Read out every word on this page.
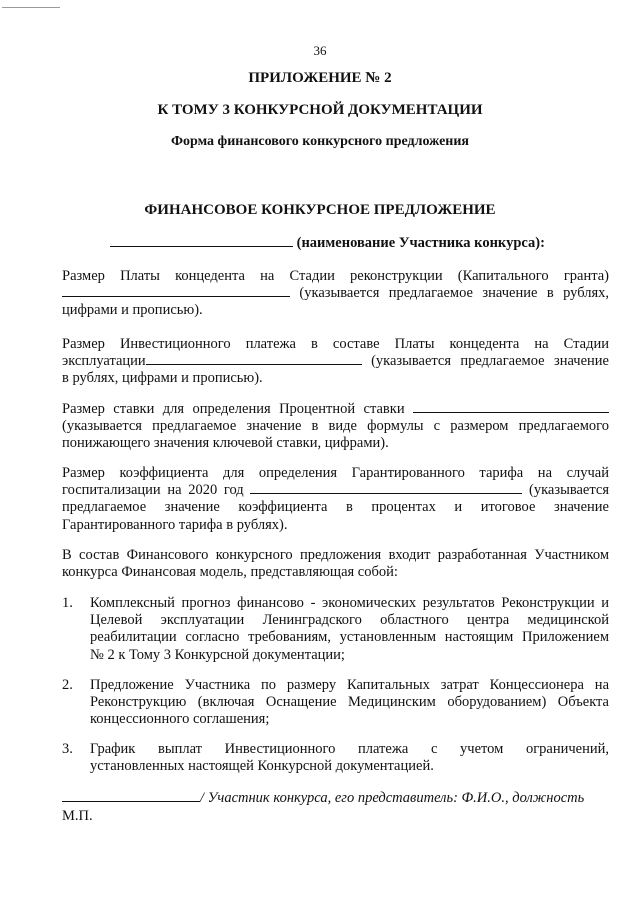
36
ПРИЛОЖЕНИЕ № 2
К ТОМУ 3 КОНКУРСНОЙ ДОКУМЕНТАЦИИ
Форма финансового конкурсного предложения
ФИНАНСОВОЕ КОНКУРСНОЕ ПРЕДЛОЖЕНИЕ
(наименование Участника конкурса):
Размер Платы концедента на Стадии реконструкции (Капитального гранта)
(указывается предлагаемое значение в рублях,
цифрами и прописью).
Размер Инвестиционного платежа в составе Платы концедента на Стадии
эксплуатации	(указывается предлагаемое значение
в рублях, цифрами и прописью).
Размер ставки для определения Процентной ставки
(указывается предлагаемое значение в виде формулы с размером предлагаемого
понижающего значения ключевой ставки, цифрами).
Размер коэффициента для определения Гарантированного тарифа на случай
госпитализации на 2020 год	(указывается
предлагаемое значение коэффициента в процентах и итоговое значение
Гарантированного тарифа в рублях).
В состав Финансового конкурсного предложения входит разработанная Участником
конкурса Финансовая модель, представляющая собой:
1. Комплексный прогноз финансово - экономических результатов Реконструкции и
Целевой эксплуатации Ленинградского областного центра медицинской
реабилитации согласно требованиям, установленным настоящим Приложением
№ 2 к Тому 3 Конкурсной документации;
2. Предложение Участника по размеру Капитальных затрат Концессионера на
Реконструкцию (включая Оснащение Медицинским оборудованием) Объекта
концессионного соглашения;
3. График выплат Инвестиционного платежа с учетом ограничений,
установленных настоящей Конкурсной документацией.
/ Участник конкурса, его представитель: Ф.И.О., должность
М.П.
